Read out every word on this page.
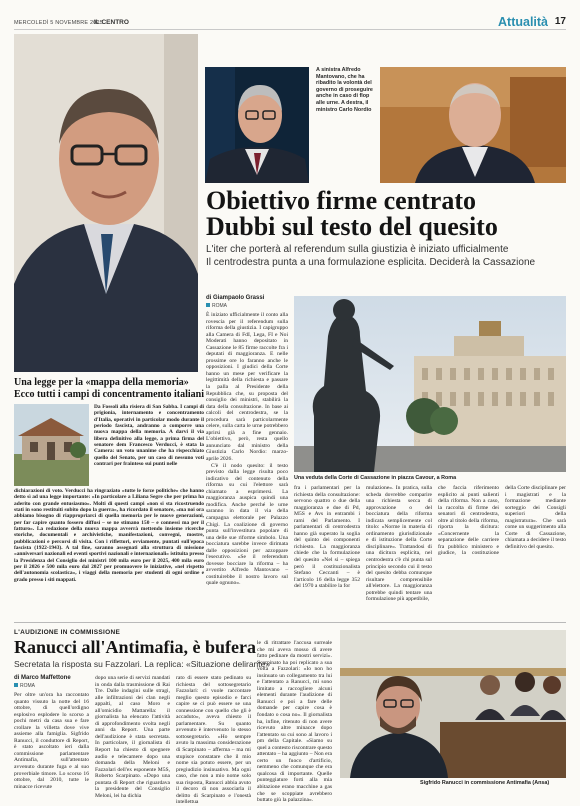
MERCOLEDÌ 5 NOVEMBRE 2025
IL CENTRO	Attualità 17
A sinistra Alfredo Mantovano, che ha ribadito la volontà del governo di proseguire anche in caso di flop alle urne. A destra, il ministro Carlo Nordio
Obiettivo firme centrato
Dubbi sul testo del quesito
L'iter che porterà al referendum sulla giustizia è iniziato ufficialmente
Il centrodestra punta a una formulazione esplicita. Deciderà la Cassazione
di Giampaolo Grassi
ROMA
È iniziato ufficialmente il conto alla rovescia per il referendum sulla riforma della giustizia. I capigruppo alla Camera di FdI, Lega, FI e Noi Moderati hanno depositato in Cassazione le 85 firme raccolte fra i deputati di maggioranza. E nelle prossime ore lo faranno anche le opposizioni. I giudici della Corte hanno un mese per verificare la legittimità della richiesta e passare la palla al Presidente della Repubblica che, su proposta del consiglio dei ministri, stabilirà la data della consultazione. In base ai calcoli del centrodestra, se la procedura sarà particolarmente celere, sulla carta le urne potrebbero aprirsi già a fine gennaio. L'obiettivo, però, resta quello annunciato dal ministro della Giustizia Carlo Nordio: marzo-aprile 2026.
C'è il nodo quesito: il testo previsto dalla legge risulta poco indicativo del contenuto della riforma su cui l'elettore sarà chiamato a esprimersi. La maggioranza auspica quindi una modifica. Anche perché le urne saranno in data il via della campagna elettorale per Palazzo Chigi. La coalizione di governo punta sull'investitura popolare di una delle sue riforme simbolo. Una bocciatura sarebbe invece dirimata dalle opposizioni per azzoppare l'esecutivo. «Se il referendum dovesse bocciare la riforma – ha avvertito Alfredo Mantovano – costituirebbe il nostro lavoro sul quale ognuno».
Una veduta della Corte di Cassazione in piazza Cavour, a Roma
fra i parlamentari per la richiesta della consultazione: servono quattro o due della maggioranza e due di Pd, M5S e Avs in entrambi i rami del Parlamento. I parlamentari di centrodestra hanno già superato la soglia del quinto dei componenti richiesto. La maggioranza chiede che la formulazione del quesito «Nel sì – spiega però il costituzionalista Stefano Ceccanti – è l'articolo 16 della legge 352 del 1970 a stabilire la for
mulazione». In pratica, sulla scheda dovrebbe comparire una richiesta secca di approvazione o del bocciatura della riforma indicata semplicemente col titolo: «Norme in materia di ordinamento giurisdizionale e di istituzione della Corte disciplinare». Trattandosi di una dicitura esplicita, nel centrodestra c'è chi punta sul principio secondo cui il testo del quesito debba comunque risultare comprensibile all'elettore. La maggioranza potrebbe quindi tentare una formulazione più appetibile,
che faccia riferimento esplicito ai punti salienti della riforma. Non a caso, la raccolta di firme dei senatori di centrodestra, oltre al titolo della riforma, riporta la dicitura: «Concernente la separazione delle carriere fra pubblico ministero e giudice, la costituzione della Corte disciplinare per i magistrati e la formazione mediante sorteggio dei Consigli superiori della magistratura». Che sarà come un suggerimento alla Corte di Cassazione, chiamata a decidere il testo definitivo del quesito.
Una legge per la «mappa della memoria»
Ecco tutti i campi di concentramento italiani
Da Fossoli alla risiera di San Sabba. I campi di prigionia, internamento e concentramento d'Italia, operativi in particolar modo durante il periodo fascista, andranno a comporre una nuova mappa della memoria. A darvi il via libera definitivo alla legge, a prima firma del senatore dem Francesco Verducci, è stata la Camera: un voto unanime che ha rispecchiato quello del Senato, per un caso di nessuno voti contrari per frainteso sui punti nelle
dichiarazioni di voto. Verducci ha ringraziato «tutte le forze politiche» che hanno detto sì ad una legge importante: «In particolare a Liliana Segre che per prima ha aderito con grande entusiasmo». Molti di questi campi «non si sta ricostruendo stati in sono restituiti subito dopo la guerra», ha ricordato il senatore, «ma noi ora abbiamo bisogno di riappropriarci di quella memoria per le nuove generazioni, per far capire quanto fossero diffusi – se ne stimano 150 – e connessi ma per il fatturo». La redazione della nuova mappa avverrà mettendo insieme ricerche storiche, documentali e archivistiche, manifestazioni, convegni, mostre, pubblicazioni e percorsi di visita. Con i riflettori, ovviamente, puntati sull'epoca fascista (1922-1943). A tal fine, saranno assegnati alla struttura di missione «anniversari nazionali ed eventi sportivi nazionali e internazionali» istituita presso la Presidenza del Consiglio dei ministri 100 mila euro per il 2025, 400 mila euro per il 2026 e 500 mila euro dal 2027 per promuovere le iniziative, «nel rispetto dell'autonomia scolastica», i viaggi della memoria per studenti di ogni ordine e grado presso i siti mappati.
L'AUDIZIONE IN COMMISSIONE
Ranucci all'Antimafia, è bufera
Secretata la risposta su Fazzolari. La replica: «Situazione delirante»
di Marco Maffettone
ROMA
Per oltre un'ora ha raccontato quanto vissuto la notte del 16 ottobre, di quell'ordigno esplosivo esplodere lo scorso a pochi metri da casa sua e fare crollare la villetta dove vive assieme alla famiglia. Sigfrido Ranucci, il conduttore di Report, è stato ascoltato ieri dalla commissione parlamentare Antimafia, sull'attentato avvenuto durante fuga e al suo proverbiale timore. Lo scorso 16 ottobre, dal 2010, tutte le minacce ricevute
dopo una serie di servizi mandati in onda dalla trasmissione di Rai Tre. Dalle indagini sulle stragi, alle infiltrazioni dei clan negli appalti, al caso Moro e all'omicidio Mattarella: il giornalista ha elencato l'attività di approfondimento svolta negli anni da Report. Una parte dell'audizione è stata secretata. In particolare, il giornalista di Report ha chiesto di spegnere audio e telecamere dopo una domanda della Meloni e Fazzolari dell'ex esponente M5S, Roberto Scarpinato. «Dopo una puntata di Report che riguardava la presidente del Consiglio Meloni, lei ha dichia
rato di essere stato pedinato su richiesta del sottosegretario Fazzolari: ci vuole raccontare meglio questo episodio e farci capire se ci può essere se una connessione con quello che gli è accaduto», aveva chiesto il parlamentare. Su quanto avvenuto è intervenuto lo stesso sottosegretario. «Ho sempre avuto la massima considerazione di Scarpinato – afferma – ma mi stupisce constatare che il mio nome sia potuto essere, per un pregiudizio insinuativo. Ma ogni caso, che non a mio nome solo sua risposta, Ranucci abbia avuto il decoro di non associarla il delitto di Scarpinato e l'onestà intellettua
le di ritrattare l'accusa surreale che mi aveva mosso di avere fatto pedinare da mostri servizi». Scarpinato ha poi replicato a sua volta a Fazzolari: «Io non ho insinuato un collegamento tra lui e l'attentato a Ranucci, mi sono limitato a raccogliere alcuni elementi durante l'audizione di Ranucci e poi a fare delle domande per capire cosa è fondato o cosa no». Il giornalista ha, infine, ritenuto di non avere ricevuto altre minacce dopo l'attentato su cui sono al lavoro i pm della Capitale. «Siamo su quel a contesto riscontrare questo attentato – ha aggiunto – Non era certo un fuoco d'artificio, nemmeno che comunque che era qualcosa di importante. Quelle punteggiature forti alla mia abitazione erano macchine a gas che se scoppiate avrebbero buttato giù la palazzina».
Sigfrido Ranucci in commissione Antimafia (Ansa)
